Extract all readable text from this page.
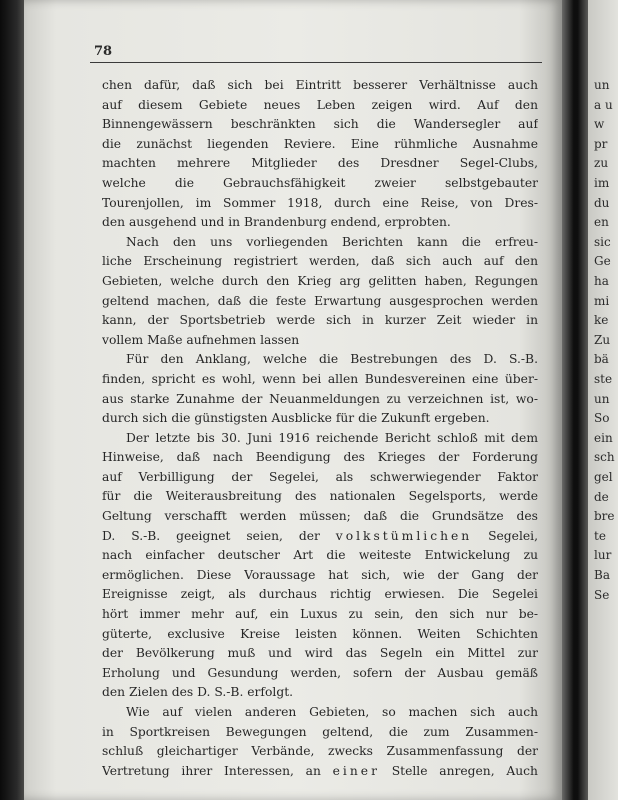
78
chen dafür, daß sich bei Eintritt besserer Verhältnisse auch
auf diesem Gebiete neues Leben zeigen wird. Auf den
Binnengewässern beschränkten sich die Wandersegler auf
die zunächst liegenden Reviere. Eine rühmliche Ausnahme
machten mehrere Mitglieder des Dresdner Segel-Clubs,
welche die Gebrauchsfähigkeit zweier selbstgebauter
Tourenjollen, im Sommer 1918, durch eine Reise, von Dres-
den ausgehend und in Brandenburg endend, erprobten.
Nach den uns vorliegenden Berichten kann die erfreu-
liche Erscheinung registriert werden, daß sich auch auf den
Gebieten, welche durch den Krieg arg gelitten haben, Regungen
geltend machen, daß die feste Erwartung ausgesprochen werden
kann, der Sportsbetrieb werde sich in kurzer Zeit wieder in
vollem Maße aufnehmen lassen
Für den Anklang, welche die Bestrebungen des D. S.-B.
finden, spricht es wohl, wenn bei allen Bundesvereinen eine über-
aus starke Zunahme der Neuanmeldungen zu verzeichnen ist, wo-
durch sich die günstigsten Ausblicke für die Zukunft ergeben.
Der letzte bis 30. Juni 1916 reichende Bericht schloß mit dem
Hinweise, daß nach Beendigung des Krieges der Forderung
auf Verbilligung der Segelei, als schwerwiegender Faktor
für die Weiterausbreitung des nationalen Segelsports, werde
Geltung verschafft werden müssen; daß die Grundsätze des
D. S.-B. geeignet seien, der volkstümlichen Segelei,
nach einfacher deutscher Art die weiteste Entwickelung zu
ermöglichen. Diese Voraussage hat sich, wie der Gang der
Ereignisse zeigt, als durchaus richtig erwiesen. Die Segelei
hört immer mehr auf, ein Luxus zu sein, den sich nur be-
güterte, exclusive Kreise leisten können. Weiten Schichten
der Bevölkerung muß und wird das Segeln ein Mittel zur
Erholung und Gesundung werden, sofern der Ausbau gemäß
den Zielen des D. S.-B. erfolgt.
Wie auf vielen anderen Gebieten, so machen sich auch
in Sportkreisen Bewegungen geltend, die zum Zusammen-
schluß gleichartiger Verbände, zwecks Zusammenfassung der
Vertretung ihrer Interessen, an einer Stelle anregen, Auch
un
a u
w
pr
zu
im
du
en
sic
Ge
ha
mi
ke
Zu
bä
ste
un
So
ein
sch
gel
de
bre
te
lur
Ba
Se
